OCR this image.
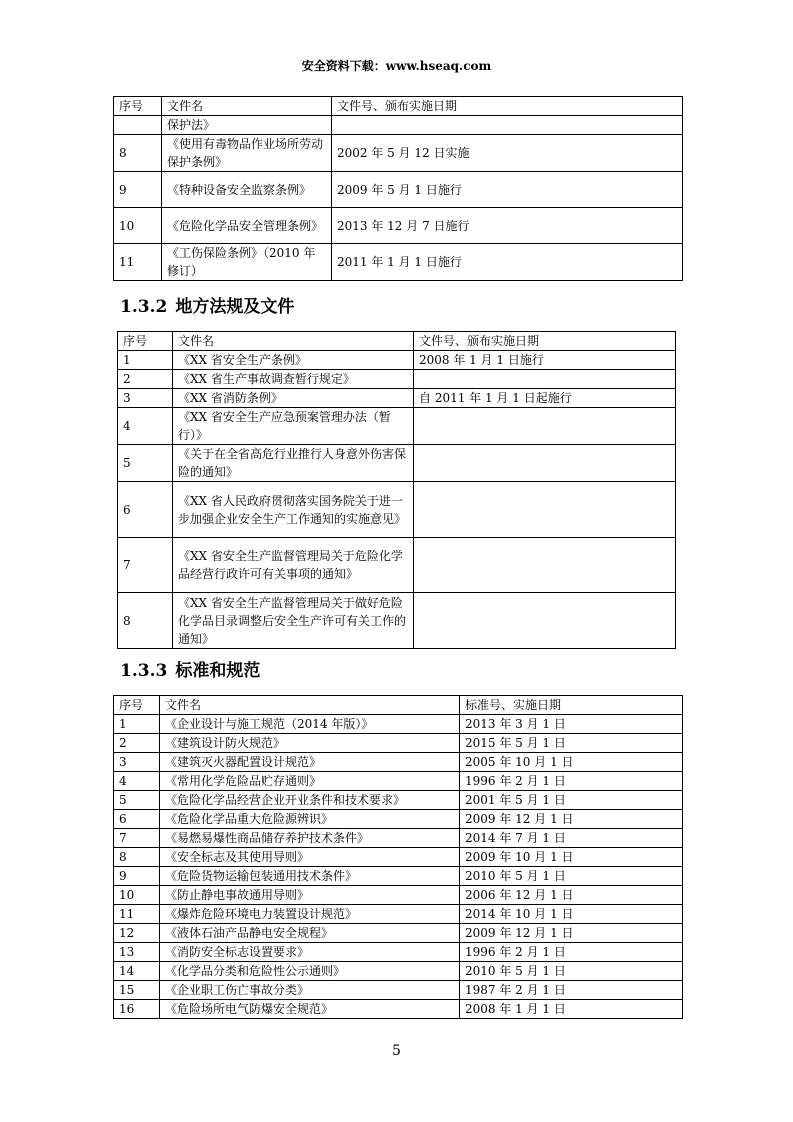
安全资料下载：www.hseaq.com
序号	文件名	文件号、颁布实施日期
	保护法》	
8	《使用有毒物品作业场所劳动保护条例》	2002 年 5 月 12 日实施
9	《特种设备安全监察条例》	2009 年 5 月 1 日施行
10	《危险化学品安全管理条例》	2013 年 12 月 7 日施行
11	《工伤保险条例》（2010 年修订）	2011 年 1 月 1 日施行
1.3.2 地方法规及文件
序号	文件名	文件号、颁布实施日期
1	《XX 省安全生产条例》	2008 年 1 月 1 日施行
2	《XX 省生产事故调查暂行规定》	
3	《XX 省消防条例》	自 2011 年 1 月 1 日起施行
4	《XX 省安全生产应急预案管理办法（暂行）》	
5	《关于在全省高危行业推行人身意外伤害保险的通知》	
6	《XX 省人民政府贯彻落实国务院关于进一步加强企业安全生产工作通知的实施意见》	
7	《XX 省安全生产监督管理局关于危险化学品经营行政许可有关事项的通知》	
8	《XX 省安全生产监督管理局关于做好危险化学品目录调整后安全生产许可有关工作的通知》	
1.3.3 标准和规范
序号	文件名	标准号、实施日期
1	《企业设计与施工规范（2014 年版）》	2013 年 3 月 1 日
2	《建筑设计防火规范》	2015 年 5 月 1 日
3	《建筑灭火器配置设计规范》	2005 年 10 月 1 日
4	《常用化学危险品贮存通则》	1996 年 2 月 1 日
5	《危险化学品经营企业开业条件和技术要求》	2001 年 5 月 1 日
6	《危险化学品重大危险源辨识》	2009 年 12 月 1 日
7	《易燃易爆性商品储存养护技术条件》	2014 年 7 月 1 日
8	《安全标志及其使用导则》	2009 年 10 月 1 日
9	《危险货物运输包装通用技术条件》	2010 年 5 月 1 日
10	《防止静电事故通用导则》	2006 年 12 月 1 日
11	《爆炸危险环境电力装置设计规范》	2014 年 10 月 1 日
12	《液体石油产品静电安全规程》	2009 年 12 月 1 日
13	《消防安全标志设置要求》	1996 年 2 月 1 日
14	《化学品分类和危险性公示通则》	2010 年 5 月 1 日
15	《企业职工伤亡事故分类》	1987 年 2 月 1 日
16	《危险场所电气防爆安全规范》	2008 年 1 月 1 日
5
